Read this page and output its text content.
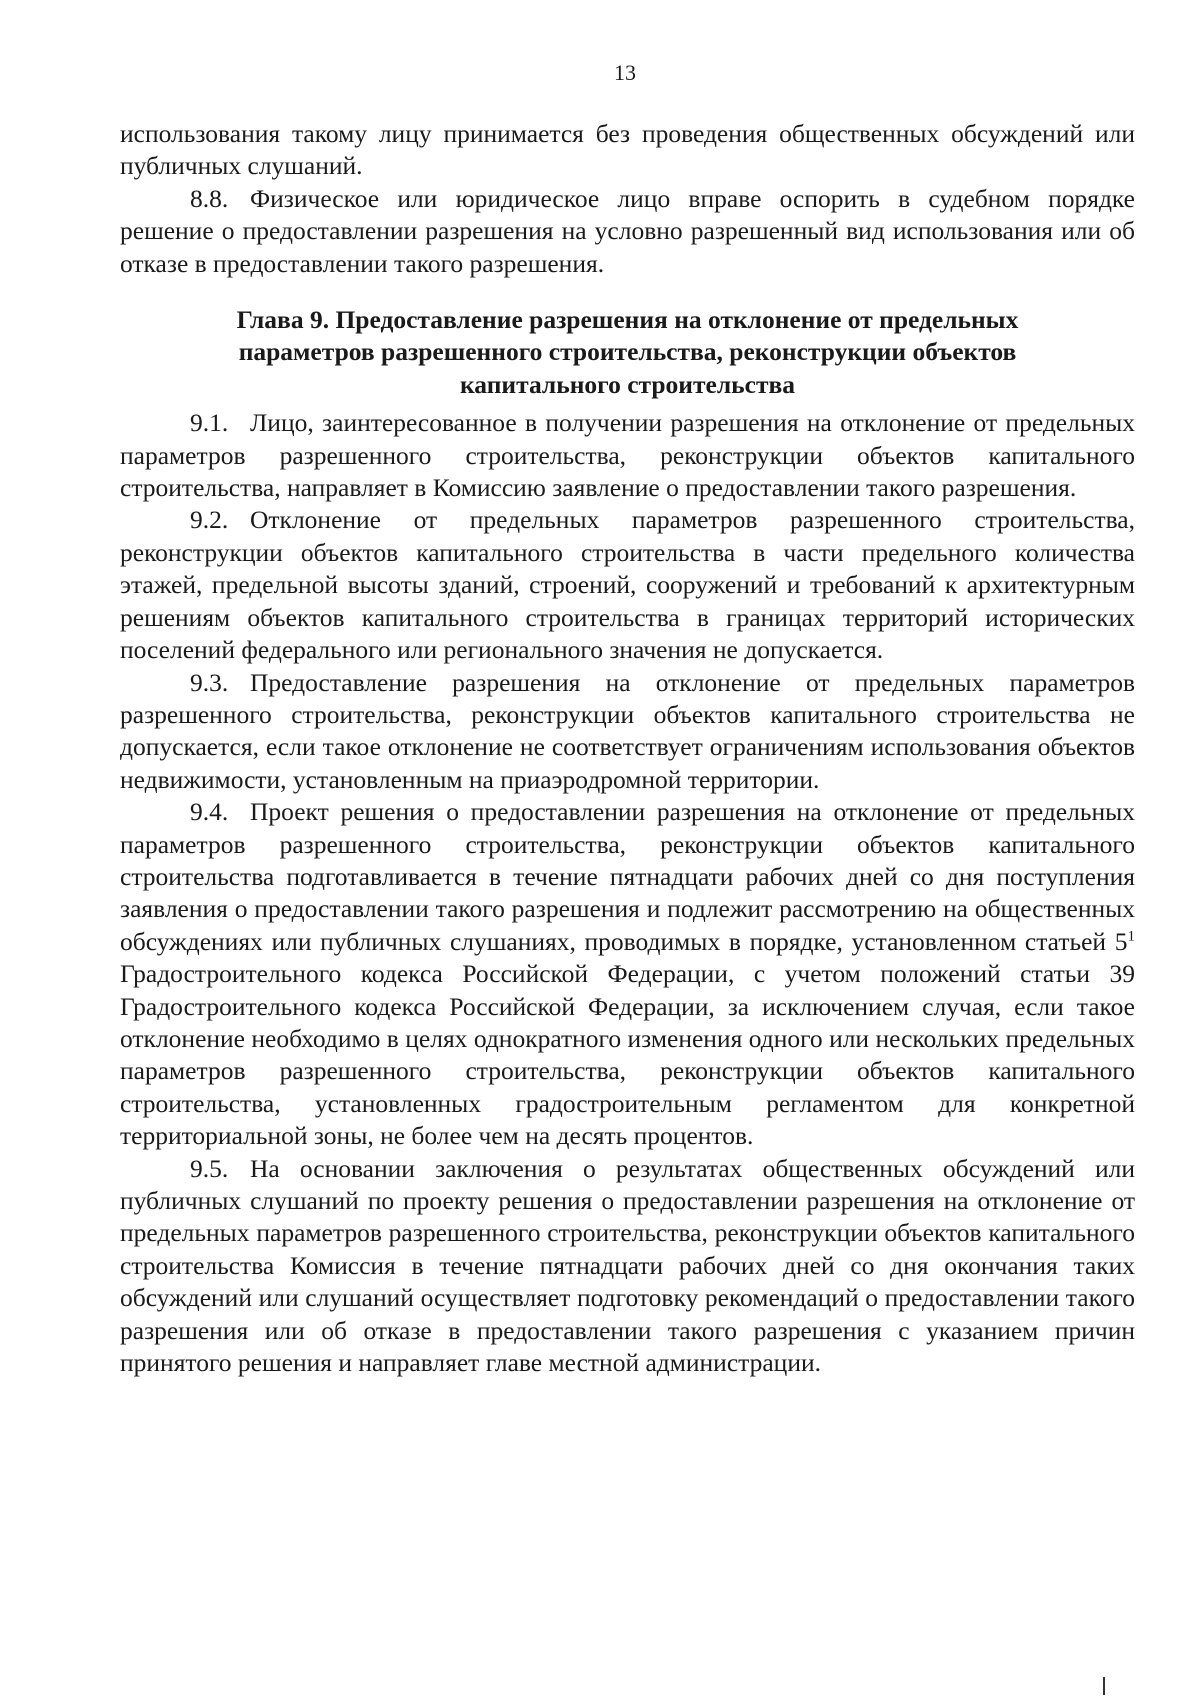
13

использования такому лицу принимается без проведения общественных обсуждений или публичных слушаний.

8.8. Физическое или юридическое лицо вправе оспорить в судебном порядке решение о предоставлении разрешения на условно разрешенный вид использования или об отказе в предоставлении такого разрешения.

Глава 9. Предоставление разрешения на отклонение от предельных параметров разрешенного строительства, реконструкции объектов капитального строительства

9.1. Лицо, заинтересованное в получении разрешения на отклонение от предельных параметров разрешенного строительства, реконструкции объектов капитального строительства, направляет в Комиссию заявление о предоставлении такого разрешения.

9.2. Отклонение от предельных параметров разрешенного строительства, реконструкции объектов капитального строительства в части предельного количества этажей, предельной высоты зданий, строений, сооружений и требований к архитектурным решениям объектов капитального строительства в границах территорий исторических поселений федерального или регионального значения не допускается.

9.3. Предоставление разрешения на отклонение от предельных параметров разрешенного строительства, реконструкции объектов капитального строительства не допускается, если такое отклонение не соответствует ограничениям использования объектов недвижимости, установленным на приаэродромной территории.

9.4. Проект решения о предоставлении разрешения на отклонение от предельных параметров разрешенного строительства, реконструкции объектов капитального строительства подготавливается в течение пятнадцати рабочих дней со дня поступления заявления о предоставлении такого разрешения и подлежит рассмотрению на общественных обсуждениях или публичных слушаниях, проводимых в порядке, установленном статьей $5^1$ Градостроительного кодекса Российской Федерации, с учетом положений статьи 39 Градостроительного кодекса Российской Федерации, за исключением случая, если такое отклонение необходимо в целях однократного изменения одного или нескольких предельных параметров разрешенного строительства, реконструкции объектов капитального строительства, установленных градостроительным регламентом для конкретной территориальной зоны, не более чем на десять процентов.

9.5. На основании заключения о результатах общественных обсуждений или публичных слушаний по проекту решения о предоставлении разрешения на отклонение от предельных параметров разрешенного строительства, реконструкции объектов капитального строительства Комиссия в течение пятнадцати рабочих дней со дня окончания таких обсуждений или слушаний осуществляет подготовку рекомендаций о предоставлении такого разрешения или об отказе в предоставлении такого разрешения с указанием причин принятого решения и направляет главе местной администрации.
